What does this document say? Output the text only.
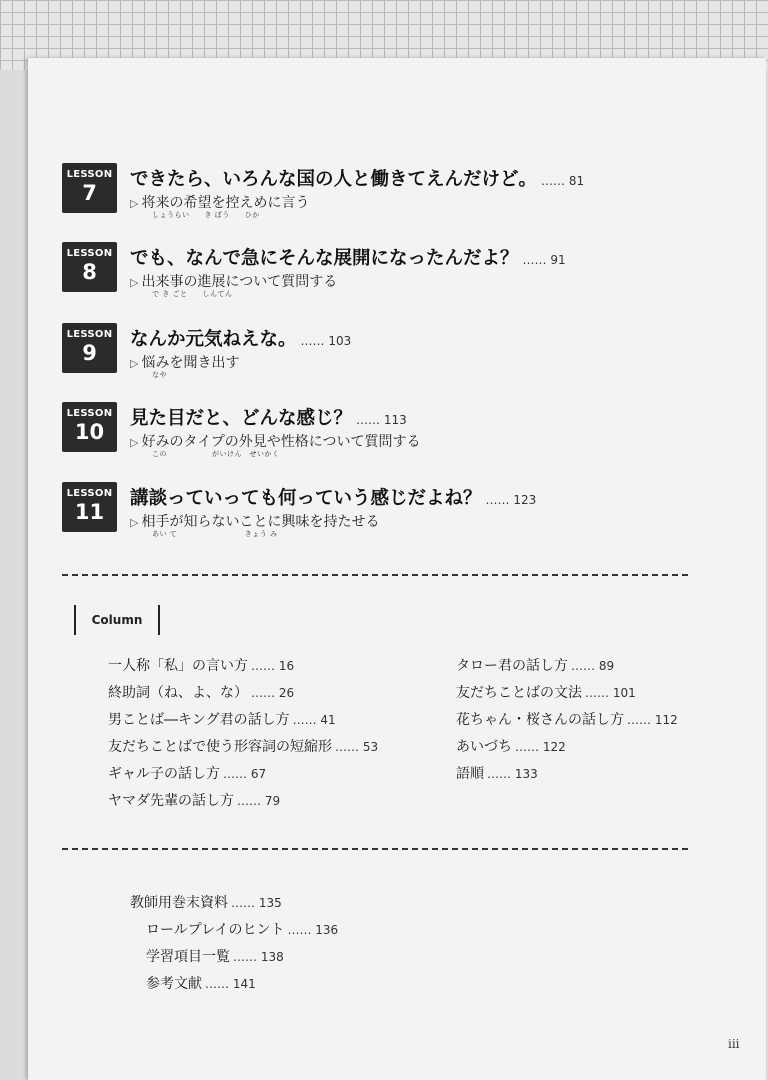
LESSON
7
できたら、いろんな国の人と働きてえんだけど。 …… 81
▷ 将来の希望を控えめに言う
しょうらい　　き ぼう　　ひか
LESSON
8
でも、なんで急にそんな展開になったんだよ？ …… 91
▷ 出来事の進展について質問する
で き ごと　　しんてん
LESSON
9
なんか元気ねえな。 …… 103
▷ 悩みを聞き出す
なや
LESSON
10
見た目だと、どんな感じ？ …… 113
▷ 好みのタイプの外見や性格について質問する
この　　　　　　がいけん　せいかく
LESSON
11
講談っていっても何っていう感じだよね？ …… 123
▷ 相手が知らないことに興味を持たせる
あい て　　　　　　　　　きょう み
Column
一人称「私」の言い方 …… 16
終助詞（ね、よ、な） …… 26
男ことば―キング君の話し方 …… 41
友だちことばで使う形容詞の短縮形 …… 53
ギャル子の話し方 …… 67
ヤマダ先輩の話し方 …… 79
タロー君の話し方 …… 89
友だちことばの文法 …… 101
花ちゃん・桜さんの話し方 …… 112
あいづち …… 122
語順 …… 133
教師用巻末資料 …… 135
ロールプレイのヒント …… 136
学習項目一覧 …… 138
参考文献 …… 141
iii
